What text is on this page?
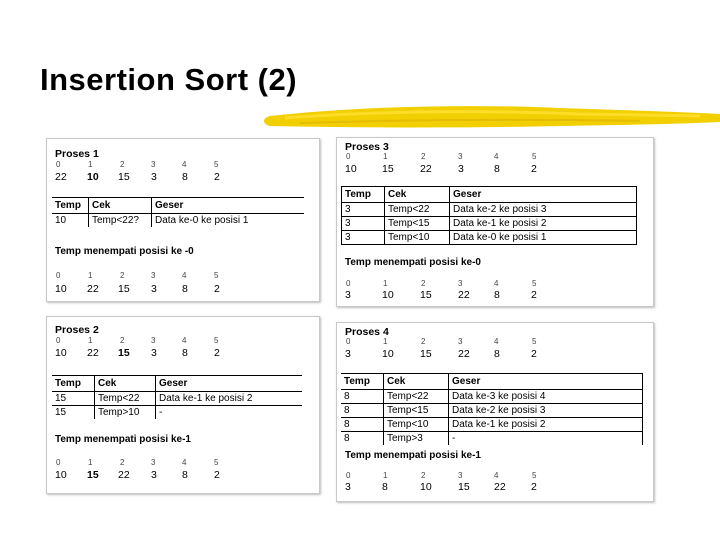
Insertion Sort (2)
Proses 1
0	1	2	3	4	5
22 10 15 3 8 2
Temp	Cek	Geser
10	Temp<22?	Data ke-0 ke posisi 1
Temp menempati posisi ke -0
0	1	2	3	4	5
10 22 15 3 8 2
Proses 3
0	1	2	3	4	5
10 15	22	3	8	2
Temp	Cek	Geser
3	Temp<22	Data ke-2 ke posisi 3
3	Temp<15	Data ke-1 ke posisi 2
3	Temp<10	Data ke-0 ke posisi 1
Temp menempati posisi ke-0
0	1	2	3	4	5
3	10	15	22 8	2
Proses 2
0	1	2	3	4	5
10 22 15 3 8 2
Temp	Cek	Geser
15	Temp<22	Data ke-1 ke posisi 2
15	Temp>10	-
Temp menempati posisi ke-1
0	1	2	3	4	5
10 15 22 3 8 2
Proses 4
0	1	2	3	4	5
3	10	15	22 8	2
Temp	Cek	Geser
8	Temp<22	Data ke-3 ke posisi 4
8	Temp<15	Data ke-2 ke posisi 3
8	Temp<10	Data ke-1 ke posisi 2
8	Temp>3	-
Temp menempati posisi ke-1
0	1	2	3	4	5
3	8	10	15 22 2
